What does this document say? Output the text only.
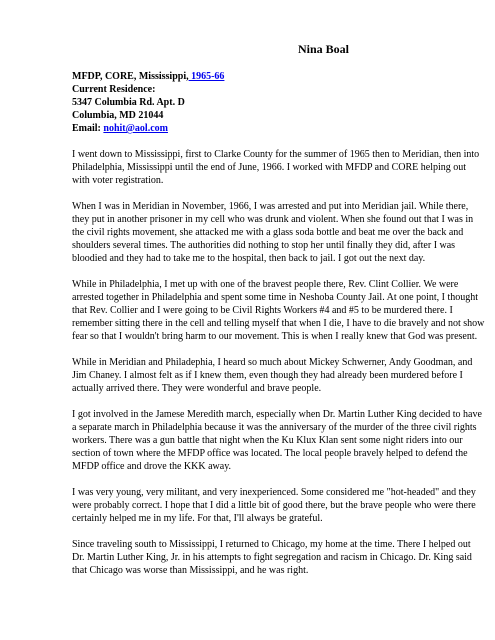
Nina Boal
MFDP, CORE, Mississippi, 1965-66
Current Residence:
5347 Columbia Rd. Apt. D
Columbia, MD 21044
Email: nohit@aol.com

I went down to Mississippi, first to Clarke County for the summer of 1965 then to Meridian, then into Philadelphia, Mississippi until the end of June, 1966. I worked with MFDP and CORE helping out with voter registration.

When I was in Meridian in November, 1966, I was arrested and put into Meridian jail. While there, they put in another prisoner in my cell who was drunk and violent. When she found out that I was in the civil rights movement, she attacked me with a glass soda bottle and beat me over the back and shoulders several times. The authorities did nothing to stop her until finally they did, after I was bloodied and they had to take me to the hospital, then back to jail. I got out the next day.

While in Philadelphia, I met up with one of the bravest people there, Rev. Clint Collier. We were arrested together in Philadelphia and spent some time in Neshoba County Jail. At one point, I thought that Rev. Collier and I were going to be Civil Rights Workers #4 and #5 to be murdered there. I remember sitting there in the cell and telling myself that when I die, I have to die bravely and not show fear so that I wouldn't bring harm to our movement. This is when I really knew that God was present.

While in Meridian and Philadephia, I heard so much about Mickey Schwerner, Andy Goodman, and Jim Chaney. I almost felt as if I knew them, even though they had already been murdered before I actually arrived there. They were wonderful and brave people.

I got involved in the Jamese Meredith march, especially when Dr. Martin Luther King decided to have a separate march in Philadelphia because it was the anniversary of the murder of the three civil rights workers. There was a gun battle that night when the Ku Klux Klan sent some night riders into our section of town where the MFDP office was located. The local people bravely helped to defend the MFDP office and drove the KKK away.

I was very young, very militant, and very inexperienced. Some considered me "hot-headed" and they were probably correct. I hope that I did a little bit of good there, but the brave people who were there certainly helped me in my life. For that, I'll always be grateful.

Since traveling south to Mississippi, I returned to Chicago, my home at the time. There I helped out Dr. Martin Luther King, Jr. in his attempts to fight segregation and racism in Chicago. Dr. King said that Chicago was worse than Mississippi, and he was right.
